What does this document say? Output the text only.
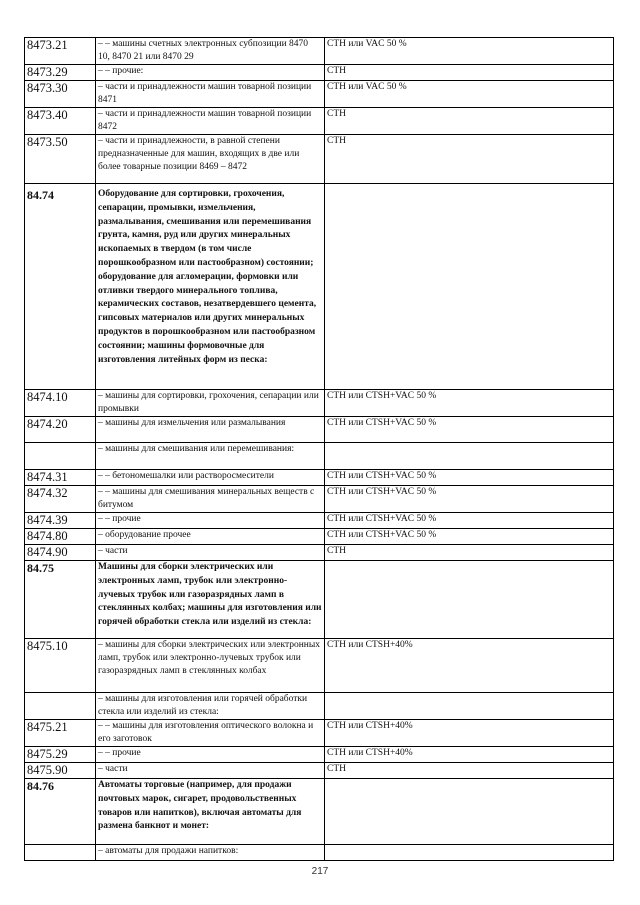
8473.21	– – машины счетных электронных субпозиции 8470 10, 8470 21 или 8470 29	СТН или VAC 50 %
8473.29	– – прочие:	СТН
8473.30	– части и принадлежности машин товарной позиции 8471	СТН или VAC 50 %
8473.40	– части и принадлежности машин товарной позиции 8472	СТН
8473.50	– части и принадлежности, в равной степени предназначенные для машин, входящих в две или более товарные позиции 8469 – 8472	СТН
84.74	Оборудование для сортировки, грохочения, сепарации, промывки, измельчения, размалывания, смешивания или перемешивания грунта, камня, руд или других минеральных ископаемых в твердом (в том числе порошкообразном или пастообразном) состоянии; оборудование для агломерации, формовки или отливки твердого минерального топлива, керамических составов, незатвердевшего цемента, гипсовых материалов или других минеральных продуктов в порошкообразном или пастообразном состоянии; машины формовочные для изготовления литейных форм из песка:	
8474.10	– машины для сортировки, грохочения, сепарации или промывки	СТН или CTSH+VAC 50 %
8474.20	– машины для измельчения или размалывания	СТН или CTSH+VAC 50 %
	– машины для смешивания или перемешивания:	
8474.31	– – бетономешалки или растворосмесители	СТН или CTSH+VAC 50 %
8474.32	– – машины для смешивания минеральных веществ с битумом	СТН или CTSH+VAC 50 %
8474.39	– – прочие	СТН или CTSH+VAC 50 %
8474.80	– оборудование прочее	СТН или CTSH+VAC 50 %
8474.90	– части	СТН
84.75	Машины для сборки электрических или электронных ламп, трубок или электронно-лучевых трубок или газоразрядных ламп в стеклянных колбах; машины для изготовления или горячей обработки стекла или изделий из стекла:	
8475.10	– машины для сборки электрических или электронных ламп, трубок или электронно-лучевых трубок или газоразрядных ламп в стеклянных колбах	СТН или CTSH+40%
	– машины для изготовления или горячей обработки стекла или изделий из стекла:	
8475.21	– – машины для изготовления оптического волокна и его заготовок	СТН или CTSH+40%
8475.29	– – прочие	СТН или CTSH+40%
8475.90	– части	СТН
84.76	Автоматы торговые (например, для продажи почтовых марок, сигарет, продовольственных товаров или напитков), включая автоматы для размена банкнот и монет:	
	– автоматы для продажи напитков:	
217
